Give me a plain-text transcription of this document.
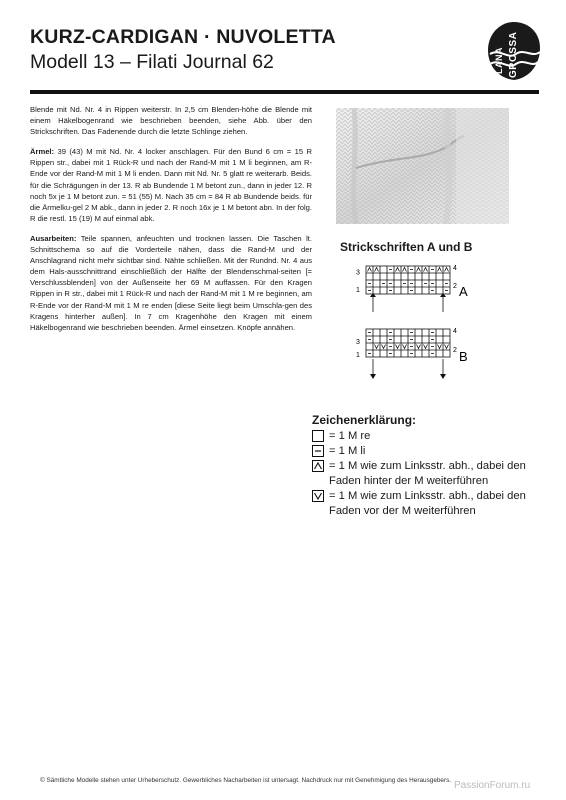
KURZ-CARDIGAN · NUVOLETTA
Modell 13 – Filati Journal 62	LANA GROSSA

Blende mit Nd. Nr. 4 in Rippen weiterstr. In 2,5 cm Blenden-höhe die Blende mit einem Häkelbogenrand wie beschrieben beenden, siehe Abb. über den Strickschriften. Das Fadenende durch die letzte Schlinge ziehen.

Ärmel: 39 (43) M mit Nd. Nr. 4 locker anschlagen. Für den Bund 6 cm = 15 R Rippen str., dabei mit 1 Rück-R und nach der Rand-M mit 1 M li beginnen, am R-Ende vor der Rand-M mit 1 M li enden. Dann mit Nd. Nr. 5 glatt re weiterarb. Beids. für die Schrägungen in der 13. R ab Bundende 1 M betont zun., dann in jeder 12. R noch 5x je 1 M betont zun. = 51 (55) M. Nach 35 cm = 84 R ab Bundende beids. für die Ärmelku-gel 2 M abk., dann in jeder 2. R noch 16x je 1 M betont abn. In der folg. R die restl. 15 (19) M auf einmal abk.

Ausarbeiten: Teile spannen, anfeuchten und trocknen lassen. Die Taschen lt. Schnittschema so auf die Vorderteile nähen, dass die Rand-M und der Anschlagrand nicht mehr sichtbar sind. Nähte schließen. Mit der Rundnd. Nr. 4 aus dem Hals-ausschnittrand einschließlich der Hälfte der Blendenschmal-seiten [= Verschlussblenden] von der Außenseite her 69 M auffassen. Für den Kragen Rippen in R str., dabei mit 1 Rück-R und nach der Rand-M mit 1 M re beginnen, am R-Ende vor der Rand-M mit 1 M re enden [diese Seite liegt beim Umschla-gen des Kragens hinterher außen]. In 7 cm Kragenhöhe den Kragen mit einem Häkelbogenrand wie beschrieben beenden. Ärmel einsetzen. Knöpfe annähen.

Strickschriften A und B
3
1
4
2 A
3
1
4
2 B
Zeichenerklärung:
= 1 M re
= 1 M li
= 1 M wie zum Linksstr. abh., dabei den Faden hinter der M weiterführen
= 1 M wie zum Linksstr. abh., dabei den Faden vor der M weiterführen
© Sämtliche Modelle stehen unter Urheberschutz. Gewerbliches Nacharbeiten ist untersagt. Nachdruck nur mit Genehmigung des Herausgebers. PassionForum.ru
